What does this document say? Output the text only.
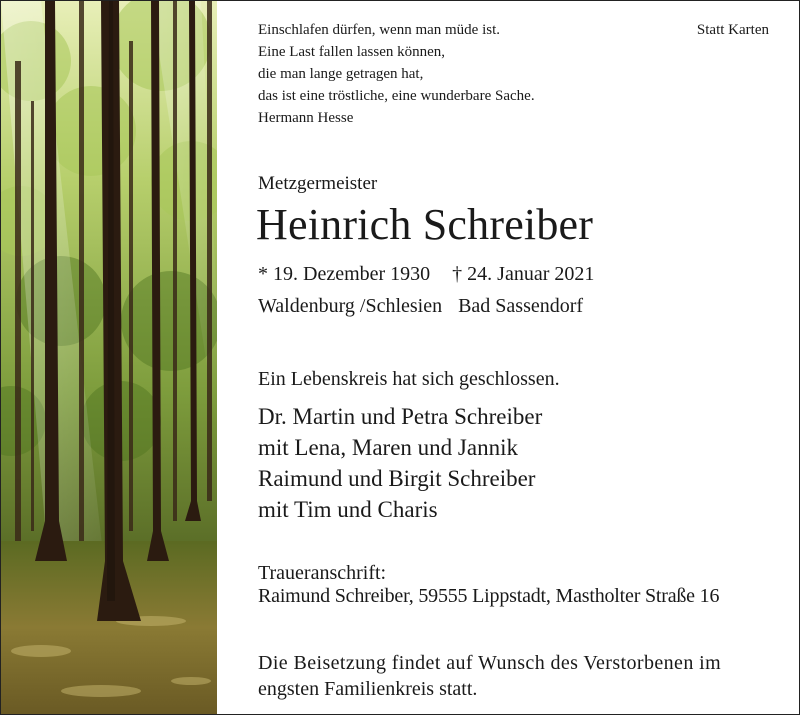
Einschlafen dürfen, wenn man müde ist.
Eine Last fallen lassen können,
die man lange getragen hat,
das ist eine tröstliche, eine wunderbare Sache.
Hermann Hesse
Statt Karten
Metzgermeister
Heinrich Schreiber
* 19. Dezember 1930 † 24. Januar 2021
Waldenburg /Schlesien Bad Sassendorf
Ein Lebenskreis hat sich geschlossen.
Dr. Martin und Petra Schreiber
mit Lena, Maren und Jannik
Raimund und Birgit Schreiber
mit Tim und Charis
Traueranschrift:
Raimund Schreiber, 59555 Lippstadt, Mastholter Straße 16
Die Beisetzung findet auf Wunsch des Verstorbenen im
engsten Familienkreis statt.
